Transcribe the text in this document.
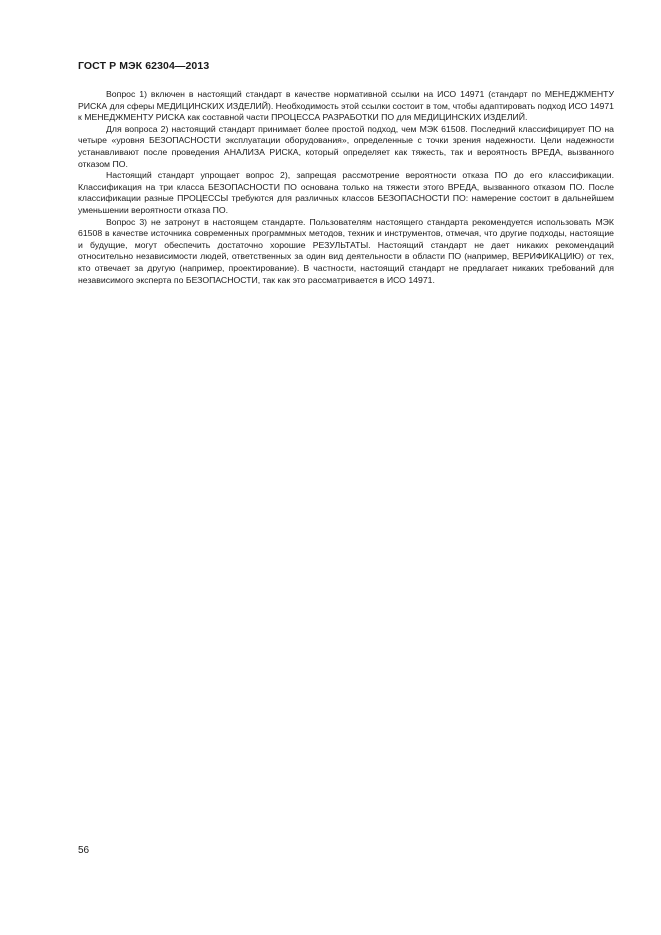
ГОСТ Р МЭК 62304—2013

Вопрос 1) включен в настоящий стандарт в качестве нормативной ссылки на ИСО 14971 (стандарт по МЕНЕДЖМЕНТУ РИСКА для сферы МЕДИЦИНСКИХ ИЗДЕЛИЙ). Необходимость этой ссылки состоит в том, чтобы адаптировать подход ИСО 14971 к МЕНЕДЖМЕНТУ РИСКА как составной части ПРОЦЕССА РАЗРАБОТКИ ПО для МЕДИЦИНСКИХ ИЗДЕЛИЙ.

Для вопроса 2) настоящий стандарт принимает более простой подход, чем МЭК 61508. Последний классифицирует ПО на четыре «уровня БЕЗОПАСНОСТИ эксплуатации оборудования», определенные с точки зрения надежности. Цели надежности устанавливают после проведения АНАЛИЗА РИСКА, который определяет как тяжесть, так и вероятность ВРЕДА, вызванного отказом ПО.

Настоящий стандарт упрощает вопрос 2), запрещая рассмотрение вероятности отказа ПО до его классификации. Классификация на три класса БЕЗОПАСНОСТИ ПО основана только на тяжести этого ВРЕДА, вызванного отказом ПО. После классификации разные ПРОЦЕССЫ требуются для различных классов БЕЗОПАСНОСТИ ПО: намерение состоит в дальнейшем уменьшении вероятности отказа ПО.

Вопрос 3) не затронут в настоящем стандарте. Пользователям настоящего стандарта рекомендуется использовать МЭК 61508 в качестве источника современных программных методов, техник и инструментов, отмечая, что другие подходы, настоящие и будущие, могут обеспечить достаточно хорошие РЕЗУЛЬТАТЫ. Настоящий стандарт не дает никаких рекомендаций относительно независимости людей, ответственных за один вид деятельности в области ПО (например, ВЕРИФИКАЦИЮ) от тех, кто отвечает за другую (например, проектирование). В частности, настоящий стандарт не предлагает никаких требований для независимого эксперта по БЕЗОПАСНОСТИ, так как это рассматривается в ИСО 14971.

56
